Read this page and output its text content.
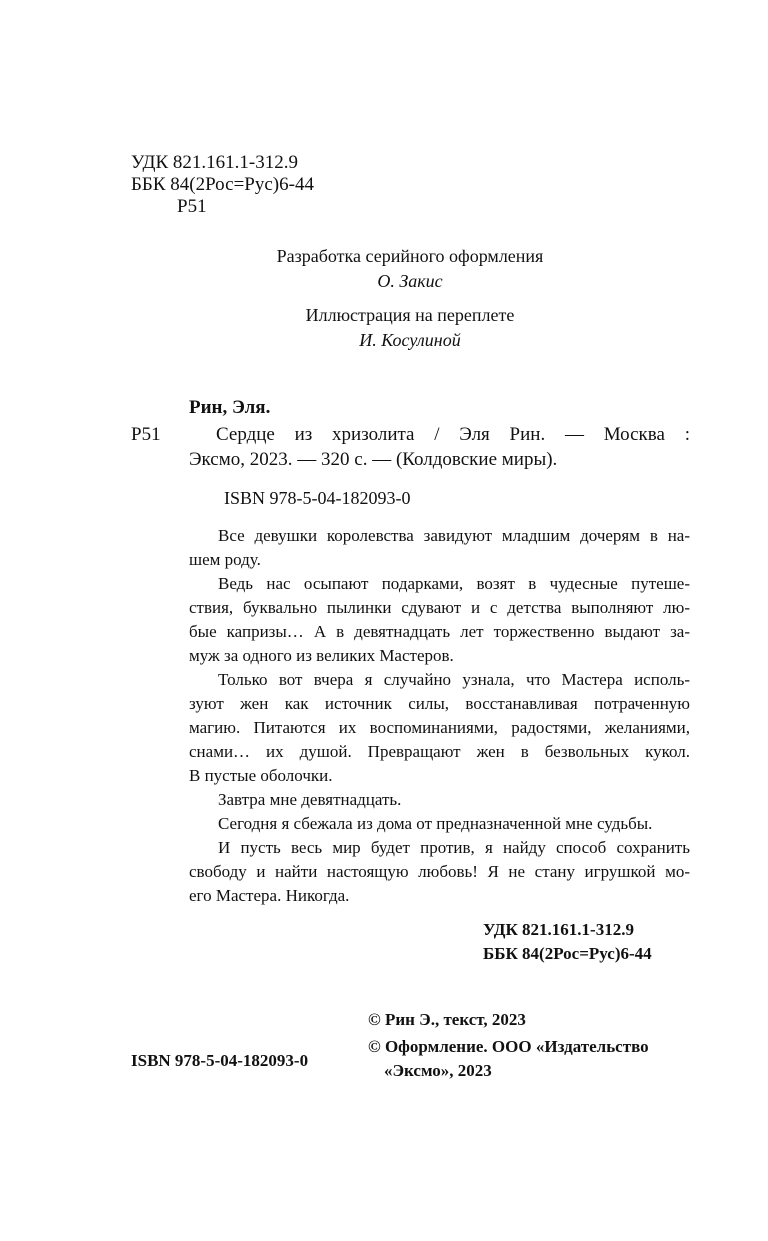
УДК 821.161.1-312.9
ББК 84(2Рос=Рус)6-44
Р51
Разработка серийного оформления
О. Закис
Иллюстрация на переплете
И. Косулиной
Рин, Эля.
Р51	Сердце из хризолита / Эля Рин. — Москва :
Эксмо, 2023. — 320 с. — (Колдовские миры).
ISBN 978-5-04-182093-0
Все девушки королевства завидуют младшим дочерям в на-
шем роду.
Ведь нас осыпают подарками, возят в чудесные путеше-
ствия, буквально пылинки сдувают и с детства выполняют лю-
бые капризы… А в девятнадцать лет торжественно выдают за-
муж за одного из великих Мастеров.
Только вот вчера я случайно узнала, что Мастера исполь-
зуют жен как источник силы, восстанавливая потраченную
магию. Питаются их воспоминаниями, радостями, желаниями,
снами… их душой. Превращают жен в безвольных кукол.
В пустые оболочки.
Завтра мне девятнадцать.
Сегодня я сбежала из дома от предназначенной мне судьбы.
И пусть весь мир будет против, я найду способ сохранить
свободу и найти настоящую любовь! Я не стану игрушкой мо-
его Мастера. Никогда.
УДК 821.161.1-312.9
ББК 84(2Рос=Рус)6-44
© Рин Э., текст, 2023
© Оформление. ООО «Издательство
«Эксмо», 2023
ISBN 978-5-04-182093-0
